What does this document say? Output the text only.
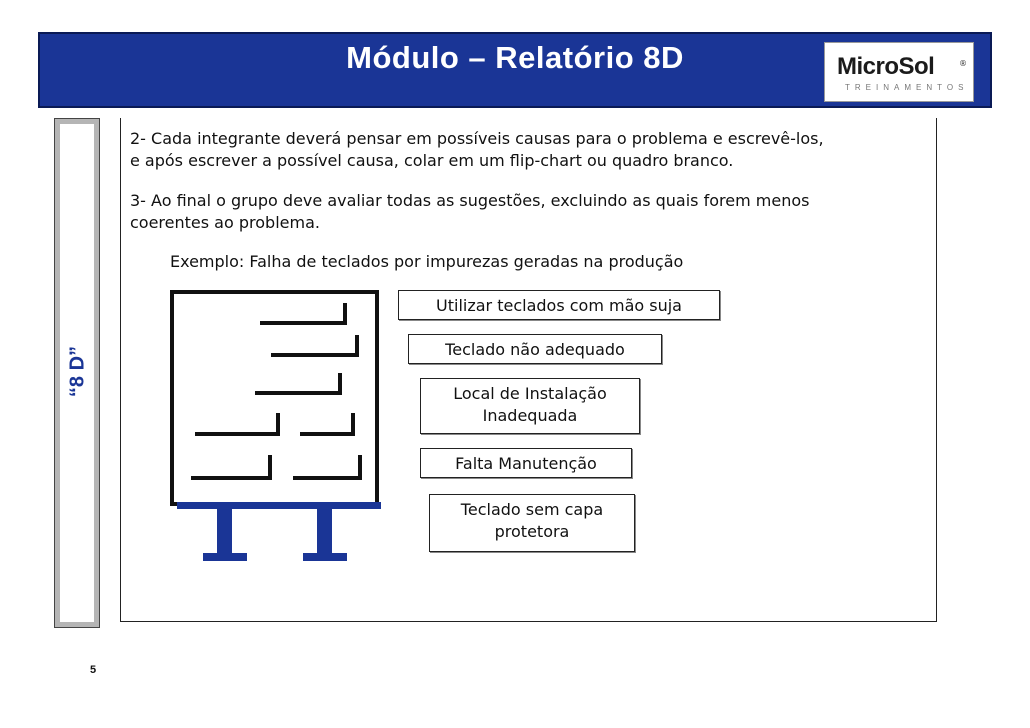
Módulo – Relatório 8D	MicroSol	®
TREINAMENTOS
“8 D”
2- Cada integrante deverá pensar em possíveis causas para o problema e escrevê-los,
e após escrever a possível causa, colar em um flip-chart ou quadro branco.
3- Ao final o grupo deve avaliar todas as sugestões, excluindo as quais forem menos
coerentes ao problema.
Exemplo: Falha de teclados por impurezas geradas na produção
Utilizar teclados com mão suja
Teclado não adequado
Local de Instalação
Inadequada
Falta Manutenção
Teclado sem capa
protetora
5
